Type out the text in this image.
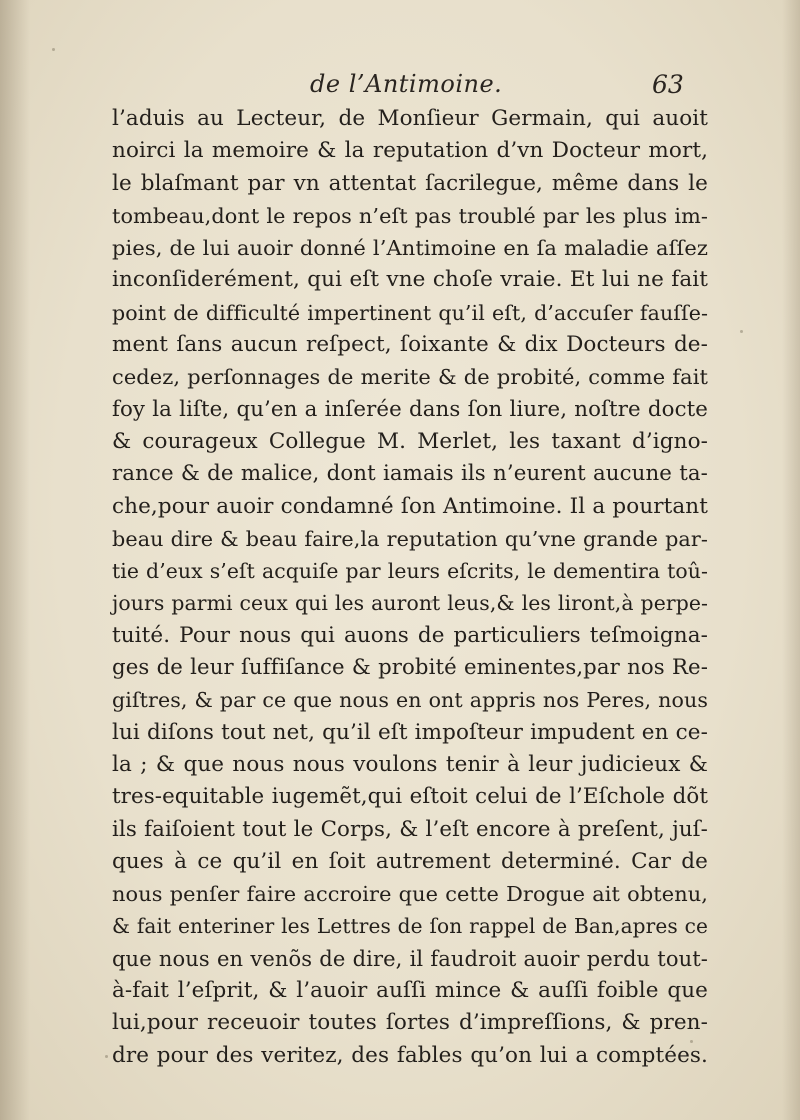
de l’Antimoine.	63
l’aduis au Lecteur, de Monſieur Germain, qui auoit
noirci la memoire & la reputation d’vn Docteur mort,
le blaſmant par vn attentat ſacrilegue, même dans le
tombeau,dont le repos n’eſt pas troublé par les plus im-
pies, de lui auoir donné l’Antimoine en ſa maladie aſſez
inconſiderément, qui eſt vne choſe vraie. Et lui ne fait
point de difficulté impertinent qu’il eſt, d’accuſer fauſſe-
ment ſans aucun reſpect, ſoixante & dix Docteurs de-
cedez, perſonnages de merite & de probité, comme fait
foy la liſte, qu’en a inſerée dans ſon liure, noſtre docte
& courageux Collegue M. Merlet, les taxant d’igno-
rance & de malice, dont iamais ils n’eurent aucune ta-
che,pour auoir condamné ſon Antimoine. Il a pourtant
beau dire & beau faire,la reputation qu’vne grande par-
tie d’eux s’eſt acquiſe par leurs eſcrits, le dementira toû-
jours parmi ceux qui les auront leus,& les liront,à perpe-
tuité. Pour nous qui auons de particuliers teſmoigna-
ges de leur ſuffiſance & probité eminentes,par nos Re-
giſtres, & par ce que nous en ont appris nos Peres, nous
lui diſons tout net, qu’il eſt impoſteur impudent en ce-
la ; & que nous nous voulons tenir à leur judicieux &
tres-equitable iugemẽt,qui eſtoit celui de l’Eſchole dõt
ils faiſoient tout le Corps, & l’eſt encore à preſent, juſ-
ques à ce qu’il en ſoit autrement determiné. Car de
nous penſer faire accroire que cette Drogue ait obtenu,
& fait enteriner les Lettres de ſon rappel de Ban,apres ce
que nous en venõs de dire, il faudroit auoir perdu tout-
à-fait l’eſprit, & l’auoir auſſi mince & auſſi foible que
lui,pour receuoir toutes ſortes d’impreſſions, & pren-
dre pour des veritez, des fables qu’on lui a comptées.
